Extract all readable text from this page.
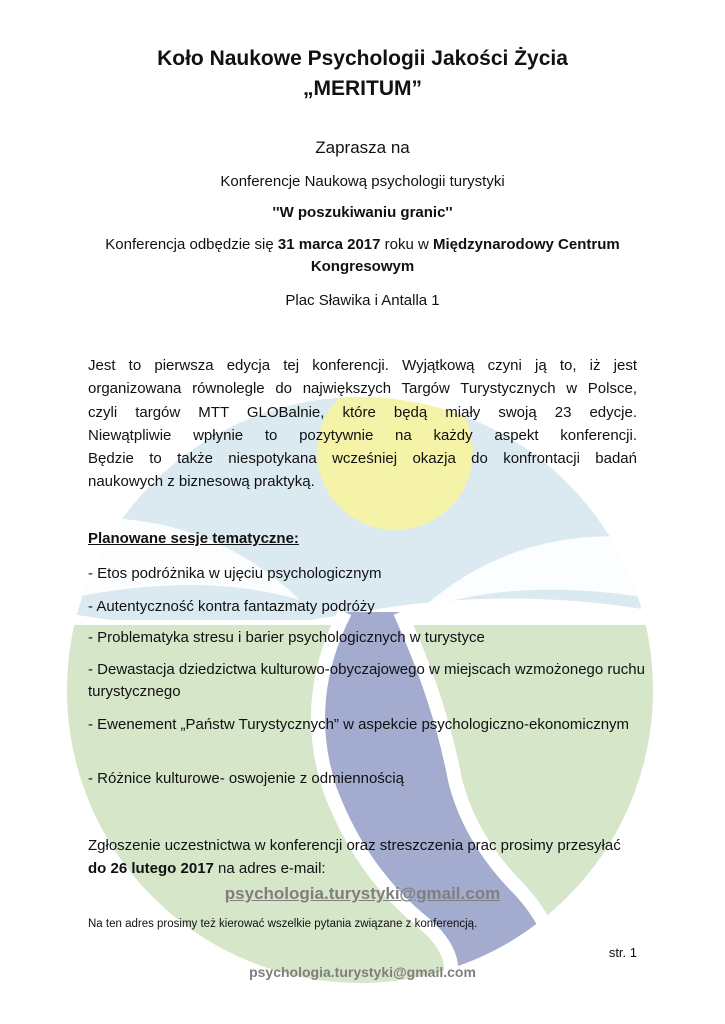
Koło Naukowe Psychologii Jakości Życia
„MERITUM”
Zaprasza na
Konferencje Naukową psychologii turystyki
''W poszukiwaniu granic''
Konferencja odbędzie się 31 marca 2017 roku w Międzynarodowy Centrum Kongresowym
Plac Sławika i Antalla 1
Jest to pierwsza edycja tej konferencji. Wyjątkową czyni ją to, iż jest
organizowana równolegle do największych Targów Turystycznych w Polsce,
czyli targów MTT GLOBalnie, które będą miały swoją 23 edycje.
Niewątpliwie wpłynie to pozytywnie na każdy aspekt konferencji.
Będzie to także niespotykana wcześniej okazja do konfrontacji badań
naukowych z biznesową praktyką.
Planowane sesje tematyczne:
- Etos podróżnika w ujęciu psychologicznym
- Autentyczność kontra fantazmaty podróży
- Problematyka stresu i barier psychologicznych w turystyce
- Dewastacja dziedzictwa kulturowo-obyczajowego w miejscach wzmożonego ruchu turystycznego
- Ewenement „Państw Turystycznych” w aspekcie psychologiczno-ekonomicznym
- Różnice kulturowe- oswojenie z odmiennością
Zgłoszenie uczestnictwa w konferencji oraz streszczenia prac prosimy przesyłać
do 26 lutego 2017 na adres e-mail:
psychologia.turystyki@gmail.com
Na ten adres prosimy też kierować wszelkie pytania związane z konferencją.
str. 1
psychologia.turystyki@gmail.com
